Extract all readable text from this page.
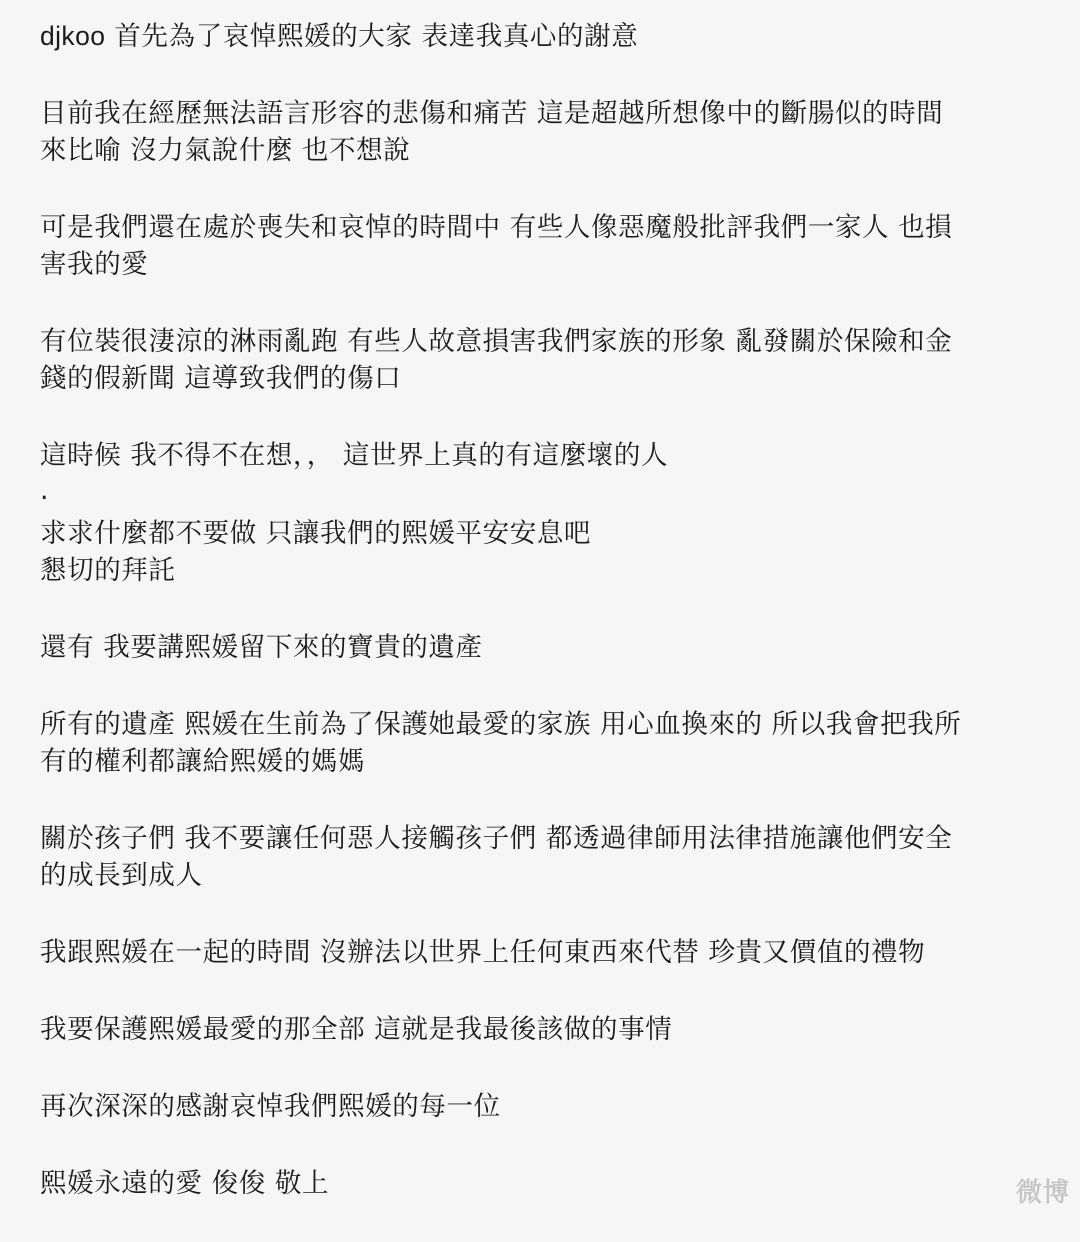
djkoo 首先為了哀悼熙媛的大家 表達我真心的謝意
目前我在經歷無法語言形容的悲傷和痛苦 這是超越所想像中的斷腸似的時間
來比喻 沒力氣說什麼 也不想說
可是我們還在處於喪失和哀悼的時間中 有些人像惡魔般批評我們一家人 也損
害我的愛
有位裝很淒涼的淋雨亂跑 有些人故意損害我們家族的形象 亂發關於保險和金
錢的假新聞 這導致我們的傷口
這時候 我不得不在想，， 這世界上真的有這麼壞的人
.
求求什麼都不要做 只讓我們的熙媛平安安息吧
懇切的拜託
還有 我要講熙媛留下來的寶貴的遺產
所有的遺產 熙媛在生前為了保護她最愛的家族 用心血換來的 所以我會把我所
有的權利都讓給熙媛的媽媽
關於孩子們 我不要讓任何惡人接觸孩子們 都透過律師用法律措施讓他們安全
的成長到成人
我跟熙媛在一起的時間 沒辦法以世界上任何東西來代替 珍貴又價值的禮物
我要保護熙媛最愛的那全部 這就是我最後該做的事情
再次深深的感謝哀悼我們熙媛的每一位
熙媛永遠的愛 俊俊 敬上	微博
